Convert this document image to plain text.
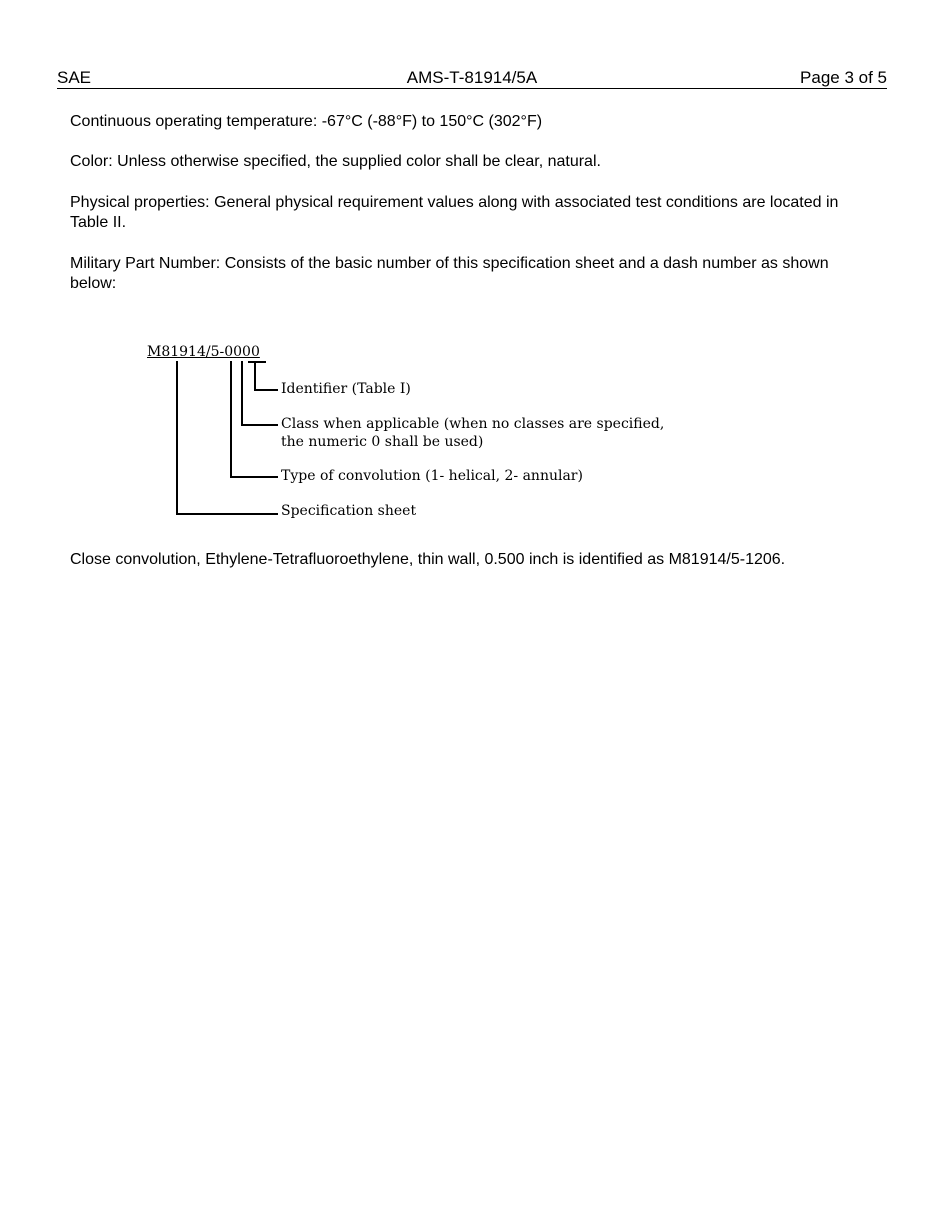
SAE	AMS-T-81914/5A	Page 3 of 5

Continuous operating temperature: -67°C (-88°F) to 150°C (302°F)

Color: Unless otherwise specified, the supplied color shall be clear, natural.

Physical properties: General physical requirement values along with associated test conditions are located in Table II.

Military Part Number: Consists of the basic number of this specification sheet and a dash number as shown below:

M81914/5-0000
Identifier (Table I)
Class when applicable (when no classes are specified,
the numeric 0 shall be used)
Type of convolution (1- helical, 2- annular)
Specification sheet

Close convolution, Ethylene-Tetrafluoroethylene, thin wall, 0.500 inch is identified as M81914/5-1206.
